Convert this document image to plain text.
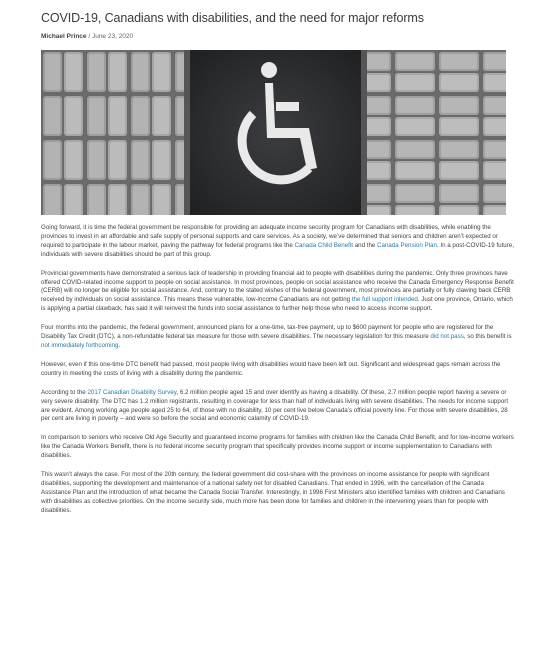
COVID-19, Canadians with disabilities, and the need for major reforms
Michael Prince / June 23, 2020

Going forward, it is time the federal government be responsible for providing an adequate income security program for Canadians with disabilities, while enabling the provinces to invest in an affordable and safe supply of personal supports and care services. As a society, we’ve determined that seniors and children aren’t expected or required to participate in the labour market, paving the pathway for federal programs like the Canada Child Benefit and the Canada Pension Plan. In a post-COVID-19 future, individuals with severe disabilities should be part of this group.

Provincial governments have demonstrated a serious lack of leadership in providing financial aid to people with disabilities during the pandemic. Only three provinces have offered COVID-related income support to people on social assistance. In most provinces, people on social assistance who receive the Canada Emergency Response Benefit (CERB) will no longer be eligible for social assistance. And, contrary to the stated wishes of the federal government, most provinces are partially or fully clawing back CERB received by individuals on social assistance. This means these vulnerable, low-income Canadians are not getting the full support intended. Just one province, Ontario, which is applying a partial clawback, has said it will reinvest the funds into social assistance to further help those who need to access income support.

Four months into the pandemic, the federal government, announced plans for a one-time, tax-free payment, up to $600 payment for people who are registered for the Disability Tax Credit (DTC), a non-refundable federal tax measure for those with severe disabilities. The necessary legislation for this measure did not pass, so this benefit is not immediately forthcoming.

However, even if this one-time DTC benefit had passed, most people living with disabilities would have been left out. Significant and widespread gaps remain across the country in meeting the costs of living with a disability during the pandemic.

According to the 2017 Canadian Disability Survey, 6.2 million people aged 15 and over identify as having a disability. Of these, 2.7 million people report having a severe or very severe disability. The DTC has 1.2 million registrants, resulting in coverage for less than half of individuals living with severe disabilities. The needs for income support are evident. Among working age people aged 25 to 64, of those with no disability, 10 per cent live below Canada’s official poverty line. For those with severe disabilities, 28 per cent are living in poverty – and were so before the social and economic calamity of COVID-19.

In comparison to seniors who receive Old Age Security and guaranteed income programs for families with children like the Canada Child Benefit, and for low-income workers like the Canada Workers Benefit, there is no federal income security program that specifically provides income support or income supplementation to Canadians with disabilities.

This wasn’t always the case. For most of the 20th century, the federal government did cost-share with the provinces on income assistance for people with significant disabilities, supporting the development and maintenance of a national safety net for disabled Canadians. That ended in 1996, with the cancellation of the Canada Assistance Plan and the introduction of what became the Canada Social Transfer. Interestingly, in 1996 First Ministers also identified families with children and Canadians with disabilities as collective priorities. On the income security side, much more has been done for families and children in the intervening years than for people with disabilities.
